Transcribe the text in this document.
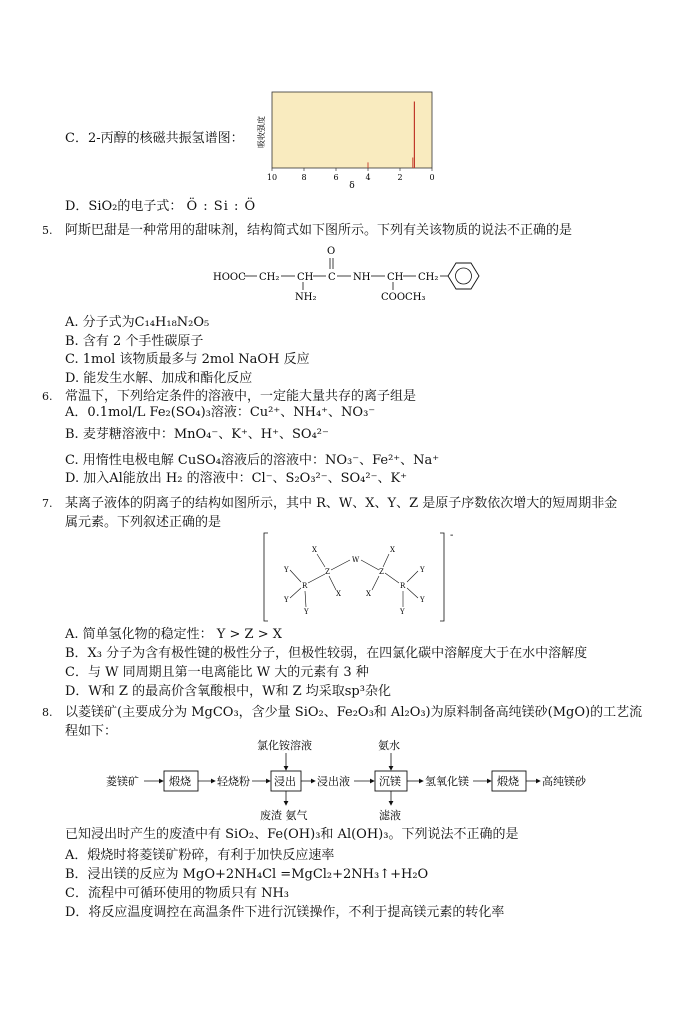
C．2-丙醇的核磁共振氢谱图： 吸收强度
10	8	6	4	2	0
δ
D．SiO₂的电子式： Ö : Si : Ö
5. 阿斯巴甜是一种常用的甜味剂，结构简式如下图所示。下列有关该物质的说法不正确的是
HOOC CH₂ CH
NH₂
C
O
NH CH
COOCH₃
CH₂
A. 分子式为C₁₄H₁₈N₂O₅
B. 含有 2 个手性碳原子
C. 1mol 该物质最多与 2mol NaOH 反应
D. 能发生水解、加成和酯化反应
6. 常温下，下列给定条件的溶液中，一定能大量共存的离子组是
A．0.1mol/L Fe₂(SO₄)₃溶液：Cu²⁺、NH₄⁺、NO₃⁻
B. 麦芽糖溶液中：MnO₄⁻、K⁺、H⁺、SO₄²⁻
C. 用惰性电极电解 CuSO₄溶液后的溶液中：NO₃⁻、Fe²⁺、Na⁺
D. 加入Al能放出 H₂ 的溶液中：Cl⁻、S₂O₃²⁻、SO₄²⁻、K⁺
7. 某离子液体的阴离子的结构如图所示，其中 R、W、X、Y、Z 是原子序数依次增大的短周期非金
属元素。下列叙述正确的是
-
Y
Y
R
Y
Z
X
X
W
Z
X
X
R
Y
Y
Y
A. 简单氢化物的稳定性： Y > Z > X
B．X₃ 分子为含有极性键的极性分子，但极性较弱，在四氯化碳中溶解度大于在水中溶解度
C．与 W 同周期且第一电离能比 W 大的元素有 3 种
D．W和 Z 的最高价含氧酸根中，W和 Z 均采取sp³杂化
8. 以菱镁矿(主要成分为 MgCO₃，含少量 SiO₂、Fe₂O₃和 Al₂O₃)为原料制备高纯镁砂(MgO)的工艺流
程如下：
菱镁矿	煅烧 轻烧粉 浸出
氯化铵溶液
废渣 氨气
浸出液	沉镁
氨水
滤液
氢氧化镁	煅烧 高纯镁砂
已知浸出时产生的废渣中有 SiO₂、Fe(OH)₃和 Al(OH)₃。下列说法不正确的是
A．煅烧时将菱镁矿粉碎，有利于加快反应速率
B．浸出镁的反应为 MgO+2NH₄Cl =MgCl₂+2NH₃↑+H₂O
C．流程中可循环使用的物质只有 NH₃
D．将反应温度调控在高温条件下进行沉镁操作，不利于提高镁元素的转化率
